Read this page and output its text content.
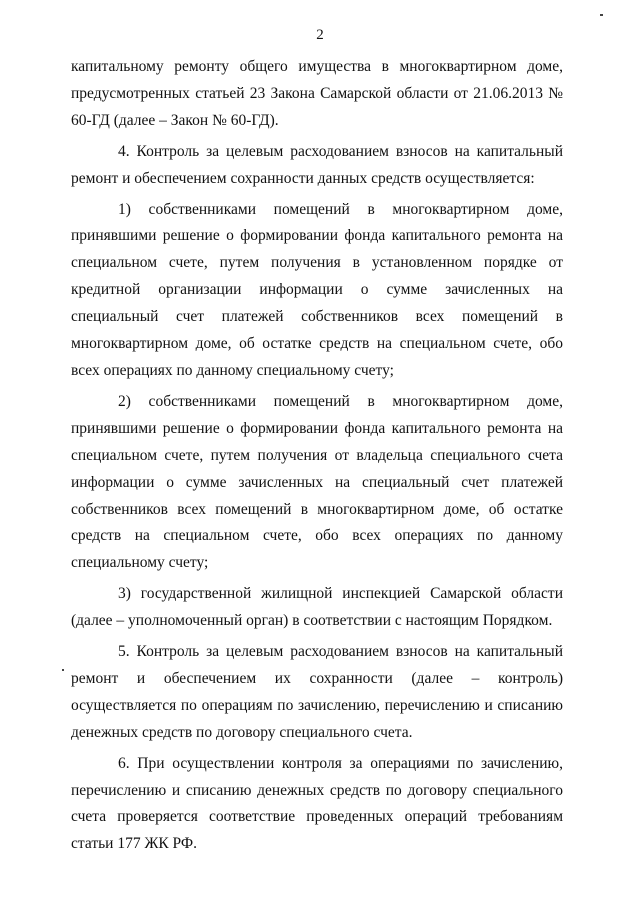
2

капитальному ремонту общего имущества в многоквартирном доме, предусмотренных статьей 23 Закона Самарской области от 21.06.2013 № 60-ГД (далее – Закон № 60-ГД).

4. Контроль за целевым расходованием взносов на капитальный ремонт и обеспечением сохранности данных средств осуществляется:

1) собственниками помещений в многоквартирном доме, принявшими решение о формировании фонда капитального ремонта на специальном счете, путем получения в установленном порядке от кредитной организации информации о сумме зачисленных на специальный счет платежей собственников всех помещений в многоквартирном доме, об остатке средств на специальном счете, обо всех операциях по данному специальному счету;

2) собственниками помещений в многоквартирном доме, принявшими решение о формировании фонда капитального ремонта на специальном счете, путем получения от владельца специального счета информации о сумме зачисленных на специальный счет платежей собственников всех помещений в многоквартирном доме, об остатке средств на специальном счете, обо всех операциях по данному специальному счету;

3) государственной жилищной инспекцией Самарской области (далее – уполномоченный орган) в соответствии с настоящим Порядком.

5. Контроль за целевым расходованием взносов на капитальный ремонт и обеспечением их сохранности (далее – контроль) осуществляется по операциям по зачислению, перечислению и списанию денежных средств по договору специального счета.

6. При осуществлении контроля за операциями по зачислению, перечислению и списанию денежных средств по договору специального счета проверяется соответствие проведенных операций требованиям статьи 177 ЖК РФ.
